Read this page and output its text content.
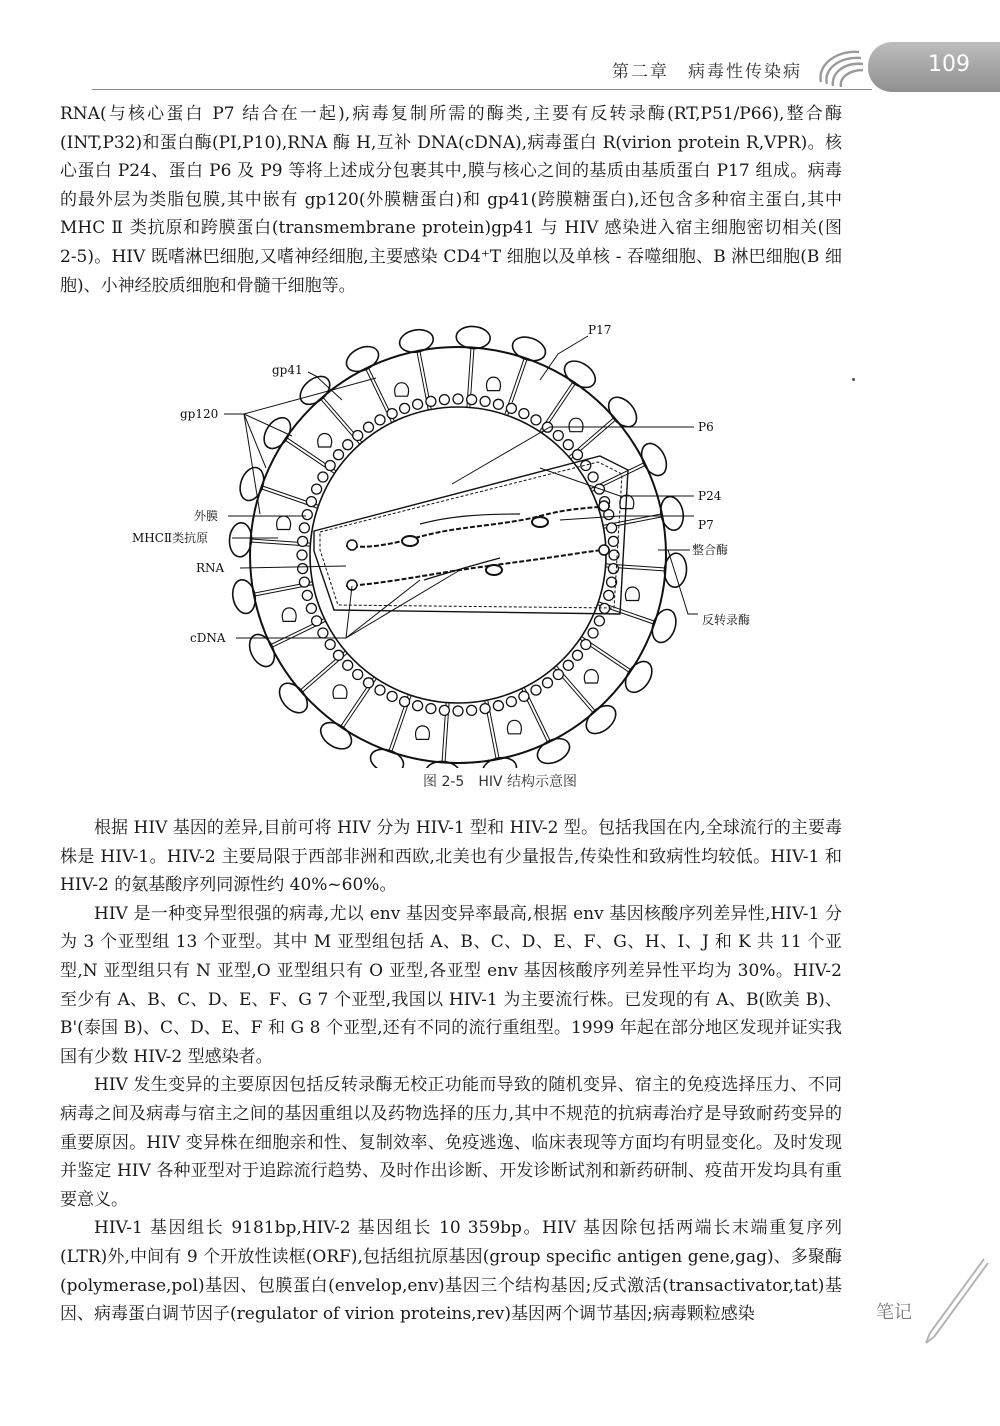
第二章　病毒性传染病	109

RNA(与核心蛋白 P7 结合在一起),病毒复制所需的酶类,主要有反转录酶(RT,P51/P66),整合酶(INT,P32)和蛋白酶(PI,P10),RNA 酶 H,互补 DNA(cDNA),病毒蛋白 R(virion protein R,VPR)。核心蛋白 P24、蛋白 P6 及 P9 等将上述成分包裹其中,膜与核心之间的基质由基质蛋白 P17 组成。病毒的最外层为类脂包膜,其中嵌有 gp120(外膜糖蛋白)和 gp41(跨膜糖蛋白),还包含多种宿主蛋白,其中 MHC Ⅱ 类抗原和跨膜蛋白(transmembrane protein)gp41 与 HIV 感染进入宿主细胞密切相关(图 2-5)。HIV 既嗜淋巴细胞,又嗜神经细胞,主要感染 CD4⁺T 细胞以及单核 - 吞噬细胞、B 淋巴细胞(B 细胞)、小神经胶质细胞和骨髓干细胞等。

P17
gp41
gp120
P6
P24
外膜
P7
MHCⅡ类抗原
整合酶
RNA
反转录酶
cDNA
图 2-5　HIV 结构示意图

根据 HIV 基因的差异,目前可将 HIV 分为 HIV-1 型和 HIV-2 型。包括我国在内,全球流行的主要毒株是 HIV-1。HIV-2 主要局限于西部非洲和西欧,北美也有少量报告,传染性和致病性均较低。HIV-1 和 HIV-2 的氨基酸序列同源性约 40%~60%。

HIV 是一种变异型很强的病毒,尤以 env 基因变异率最高,根据 env 基因核酸序列差异性,HIV-1 分为 3 个亚型组 13 个亚型。其中 M 亚型组包括 A、B、C、D、E、F、G、H、I、J 和 K 共 11 个亚型,N 亚型组只有 N 亚型,O 亚型组只有 O 亚型,各亚型 env 基因核酸序列差异性平均为 30%。HIV-2 至少有 A、B、C、D、E、F、G 7 个亚型,我国以 HIV-1 为主要流行株。已发现的有 A、B(欧美 B)、B'(泰国 B)、C、D、E、F 和 G 8 个亚型,还有不同的流行重组型。1999 年起在部分地区发现并证实我国有少数 HIV-2 型感染者。

HIV 发生变异的主要原因包括反转录酶无校正功能而导致的随机变异、宿主的免疫选择压力、不同病毒之间及病毒与宿主之间的基因重组以及药物选择的压力,其中不规范的抗病毒治疗是导致耐药变异的重要原因。HIV 变异株在细胞亲和性、复制效率、免疫逃逸、临床表现等方面均有明显变化。及时发现并鉴定 HIV 各种亚型对于追踪流行趋势、及时作出诊断、开发诊断试剂和新药研制、疫苗开发均具有重要意义。

HIV-1 基因组长 9181bp,HIV-2 基因组长 10 359bp。HIV 基因除包括两端长末端重复序列(LTR)外,中间有 9 个开放性读框(ORF),包括组抗原基因(group specific antigen gene,gag)、多聚酶(polymerase,pol)基因、包膜蛋白(envelop,env)基因三个结构基因;反式激活(transactivator,tat)基因、病毒蛋白调节因子(regulator of virion proteins,rev)基因两个调节基因;病毒颗粒感染	笔记
